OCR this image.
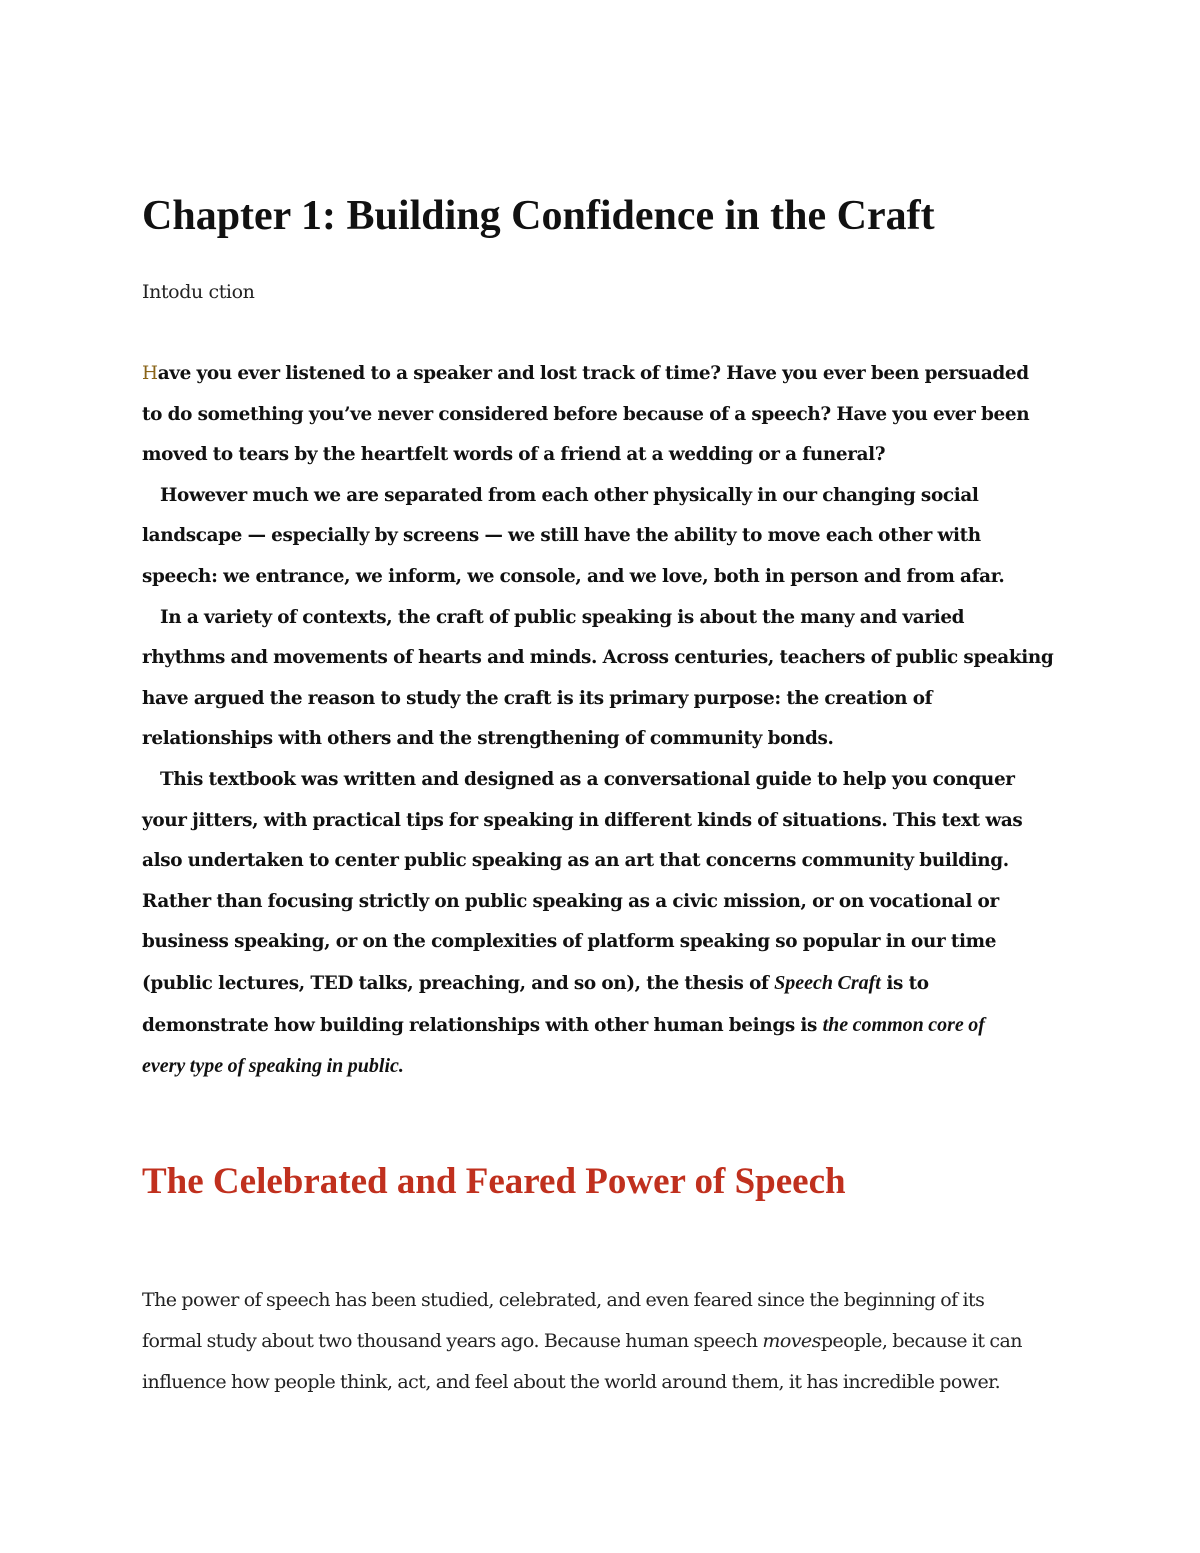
Chapter 1: Building Confidence in the Craft
Intodu ction

Have you ever listened to a speaker and lost track of time? Have you ever been persuaded

to do something you’ve never considered before because of a speech? Have you ever been

moved to tears by the heartfelt words of a friend at a wedding or a funeral?

However much we are separated from each other physically in our changing social

landscape — especially by screens — we still have the ability to move each other with

speech: we entrance, we inform, we console, and we love, both in person and from afar.

In a variety of contexts, the craft of public speaking is about the many and varied

rhythms and movements of hearts and minds. Across centuries, teachers of public speaking

have argued the reason to study the craft is its primary purpose: the creation of

relationships with others and the strengthening of community bonds.

This textbook was written and designed as a conversational guide to help you conquer

your jitters, with practical tips for speaking in different kinds of situations. This text was

also undertaken to center public speaking as an art that concerns community building.

Rather than focusing strictly on public speaking as a civic mission, or on vocational or

business speaking, or on the complexities of platform speaking so popular in our time

(public lectures, TED talks, preaching, and so on), the thesis of Speech Craft is to

demonstrate how building relationships with other human beings is the common core of

every type of speaking in public.

The Celebrated and Feared Power of Speech

The power of speech has been studied, celebrated, and even feared since the beginning of its

formal study about two thousand years ago. Because human speech movespeople, because it can

influence how people think, act, and feel about the world around them, it has incredible power.
